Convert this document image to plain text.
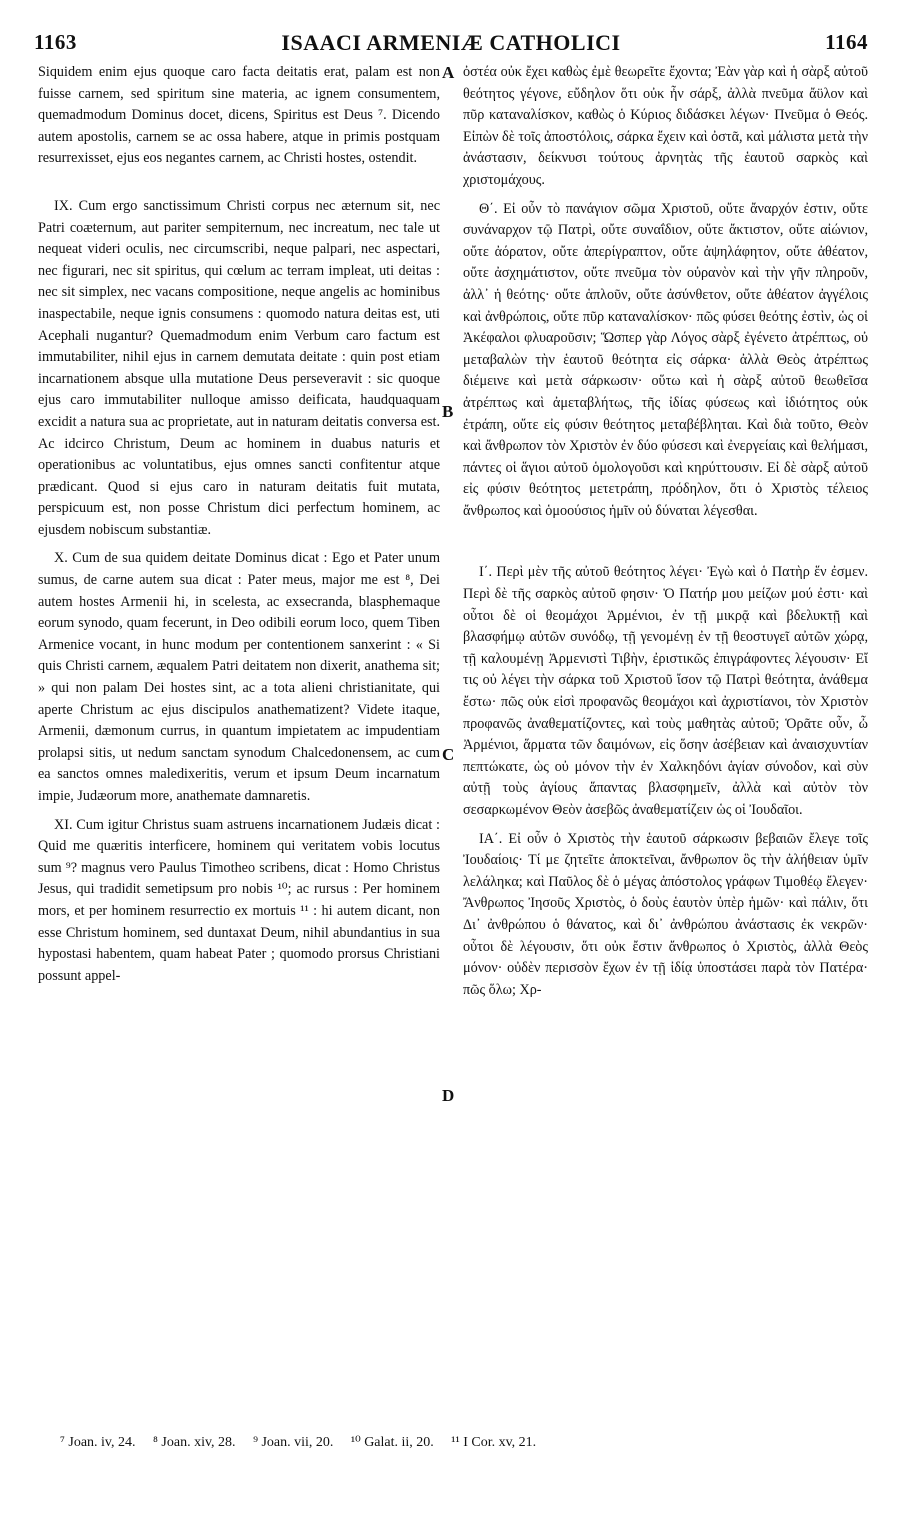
1163	ISAACI ARMENIÆ CATHOLICI	1164

Siquidem enim ejus quoque caro facta deitatis erat, palam est non fuisse carnem, sed spiritum sine materia, ac ignem consumentem, quemadmodum Dominus docet, dicens, Spiritus est Deus ⁷. Dicendo autem apostolis, carnem se ac ossa habere, atque in primis postquam resurrexisset, ejus eos negantes carnem, ac Christi hostes, ostendit.

IX. Cum ergo sanctissimum Christi corpus nec æternum sit, nec Patri coæternum, aut pariter sempiternum, nec increatum, nec tale ut nequeat videri oculis, nec circumscribi, neque palpari, nec aspectari, nec figurari, nec sit spiritus, qui cœlum ac terram impleat, uti deitas : nec sit simplex, nec vacans compositione, neque angelis ac hominibus inaspectabile, neque ignis consumens : quomodo natura deitas est, uti Acephali nugantur? Quemadmodum enim Verbum caro factum est immutabiliter, nihil ejus in carnem demutata deitate : quin post etiam incarnationem absque ulla mutatione Deus perseveravit : sic quoque ejus caro immutabiliter nulloque amisso deificata, haudquaquam excidit a natura sua ac proprietate, aut in naturam deitatis conversa est. Ac idcirco Christum, Deum ac hominem in duabus naturis et operationibus ac voluntatibus, ejus omnes sancti confitentur atque prædicant. Quod si ejus caro in naturam deitatis fuit mutata, perspicuum est, non posse Christum dici perfectum hominem, ac ejusdem nobiscum substantiæ.

X. Cum de sua quidem deitate Dominus dicat : Ego et Pater unum sumus, de carne autem sua dicat : Pater meus, major me est ⁸, Dei autem hostes Armenii hi, in scelesta, ac exsecranda, blasphemaque eorum synodo, quam fecerunt, in Deo odibili eorum loco, quem Tiben Armenice vocant, in hunc modum per contentionem sanxerint : « Si quis Christi carnem, æqualem Patri deitatem non dixerit, anathema sit; » qui non palam Dei hostes sint, ac a tota alieni christianitate, qui aperte Christum ac ejus discipulos anathematizent? Videte itaque, Armenii, dæmonum currus, in quantum impietatem ac impudentiam prolapsi sitis, ut nedum sanctam synodum Chalcedonensem, ac cum ea sanctos omnes maledixeritis, verum et ipsum Deum incarnatum impie, Judæorum more, anathemate damnaretis.

XI. Cum igitur Christus suam astruens incarnationem Judæis dicat : Quid me quæritis interficere, hominem qui veritatem vobis locutus sum ⁹? magnus vero Paulus Timotheo scribens, dicat : Homo Christus Jesus, qui tradidit semetipsum pro nobis ¹⁰; ac rursus : Per hominem mors, et per hominem resurrectio ex mortuis ¹¹ : hi autem dicant, non esse Christum hominem, sed duntaxat Deum, nihil abundantius in sua hypostasi habentem, quam habeat Pater ; quomodo prorsus Christiani possunt appel-

A
B
C
D

ὀστέα οὐκ ἔχει καθὼς ἐμὲ θεωρεῖτε ἔχοντα; Ἐὰν γὰρ καὶ ἡ σὰρξ αὐτοῦ θεότητος γέγονε, εὔδηλον ὅτι οὐκ ἦν σάρξ, ἀλλὰ πνεῦμα ἄϋλον καὶ πῦρ καταναλίσκον, καθὼς ὁ Κύριος διδάσκει λέγων· Πνεῦμα ὁ Θεός. Εἰπὼν δὲ τοῖς ἀποστόλοις, σάρκα ἔχειν καὶ ὀστᾶ, καὶ μάλιστα μετὰ τὴν ἀνάστασιν, δείκνυσι τούτους ἀρνητὰς τῆς ἑαυτοῦ σαρκὸς καὶ χριστομάχους.

Θ΄. Εἰ οὖν τὸ πανάγιον σῶμα Χριστοῦ, οὔτε ἄναρχόν ἐστιν, οὔτε συνάναρχον τῷ Πατρὶ, οὔτε συναΐδιον, οὔτε ἄκτιστον, οὔτε αἰώνιον, οὔτε ἀόρατον, οὔτε ἀπερίγραπτον, οὔτε ἀψηλάφητον, οὔτε ἀθέατον, οὔτε ἀσχημάτιστον, οὔτε πνεῦμα τὸν οὐρανὸν καὶ τὴν γῆν πληροῦν, ἀλλ᾽ ἡ θεότης· οὔτε ἁπλοῦν, οὔτε ἀσύνθετον, οὔτε ἀθέατον ἀγγέλοις καὶ ἀνθρώποις, οὔτε πῦρ καταναλίσκον· πῶς φύσει θεότης ἐστὶν, ὡς οἱ Ἀκέφαλοι φλυαροῦσιν; Ὥσπερ γὰρ Λόγος σὰρξ ἐγένετο ἀτρέπτως, οὐ μεταβαλὼν τὴν ἑαυτοῦ θεότητα εἰς σάρκα· ἀλλὰ Θεὸς ἀτρέπτως διέμεινε καὶ μετὰ σάρκωσιν· οὕτω καὶ ἡ σὰρξ αὐτοῦ θεωθεῖσα ἀτρέπτως καὶ ἀμεταβλήτως, τῆς ἰδίας φύσεως καὶ ἰδιότητος οὐκ ἐτράπη, οὔτε εἰς φύσιν θεότητος μεταβέβληται. Καὶ διὰ τοῦτο, Θεὸν καὶ ἄνθρωπον τὸν Χριστὸν ἐν δύο φύσεσι καὶ ἐνεργείαις καὶ θελήμασι, πάντες οἱ ἅγιοι αὐτοῦ ὁμολογοῦσι καὶ κηρύττουσιν. Εἰ δὲ σὰρξ αὐτοῦ εἰς φύσιν θεότητος μετετράπη, πρόδηλον, ὅτι ὁ Χριστὸς τέλειος ἄνθρωπος καὶ ὁμοούσιος ἡμῖν οὐ δύναται λέγεσθαι.

Ι΄. Περὶ μὲν τῆς αὐτοῦ θεότητος λέγει· Ἐγὼ καὶ ὁ Πατὴρ ἕν ἐσμεν. Περὶ δὲ τῆς σαρκὸς αὐτοῦ φησιν· Ὁ Πατήρ μου μείζων μού ἐστι· καὶ οὗτοι δὲ οἱ θεομάχοι Ἀρμένιοι, ἐν τῇ μικρᾷ καὶ βδελυκτῇ καὶ βλασφήμῳ αὐτῶν συνόδῳ, τῇ γενομένῃ ἐν τῇ θεοστυγεῖ αὐτῶν χώρᾳ, τῇ καλουμένῃ Ἀρμενιστὶ Τιβὴν, ἐριστικῶς ἐπιγράφοντες λέγουσιν· Εἴ τις οὐ λέγει τὴν σάρκα τοῦ Χριστοῦ ἴσον τῷ Πατρὶ θεότητα, ἀνάθεμα ἔστω· πῶς οὐκ εἰσὶ προφανῶς θεομάχοι καὶ ἀχριστίανοι, τὸν Χριστὸν προφανῶς ἀναθεματίζοντες, καὶ τοὺς μαθητὰς αὐτοῦ; Ὁρᾶτε οὖν, ὦ Ἀρμένιοι, ἅρματα τῶν δαιμόνων, εἰς ὅσην ἀσέβειαν καὶ ἀναισχυντίαν πεπτώκατε, ὡς οὐ μόνον τὴν ἐν Χαλκηδόνι ἁγίαν σύνοδον, καὶ σὺν αὐτῇ τοὺς ἁγίους ἅπαντας βλασφημεῖν, ἀλλὰ καὶ αὐτὸν τὸν σεσαρκωμένον Θεὸν ἀσεβῶς ἀναθεματίζειν ὡς οἱ Ἰουδαῖοι.

ΙΑ΄. Εἰ οὖν ὁ Χριστὸς τὴν ἑαυτοῦ σάρκωσιν βεβαιῶν ἔλεγε τοῖς Ἰουδαίοις· Τί με ζητεῖτε ἀποκτεῖναι, ἄνθρωπον ὃς τὴν ἀλήθειαν ὑμῖν λελάληκα; καὶ Παῦλος δὲ ὁ μέγας ἀπόστολος γράφων Τιμοθέῳ ἔλεγεν· Ἄνθρωπος Ἰησοῦς Χριστὸς, ὁ δοὺς ἑαυτὸν ὑπὲρ ἡμῶν· καὶ πάλιν, ὅτι Δι᾽ ἀνθρώπου ὁ θάνατος, καὶ δι᾽ ἀνθρώπου ἀνάστασις ἐκ νεκρῶν· οὗτοι δὲ λέγουσιν, ὅτι οὐκ ἔστιν ἄνθρωπος ὁ Χριστὸς, ἀλλὰ Θεὸς μόνον· οὐδὲν περισσὸν ἔχων ἐν τῇ ἰδίᾳ ὑποστάσει παρὰ τὸν Πατέρα· πῶς ὅλω; Χρ-

⁷ Joan. iv, 24. ⁸ Joan. xiv, 28. ⁹ Joan. vii, 20. ¹⁰ Galat. ii, 20. ¹¹ I Cor. xv, 21.
